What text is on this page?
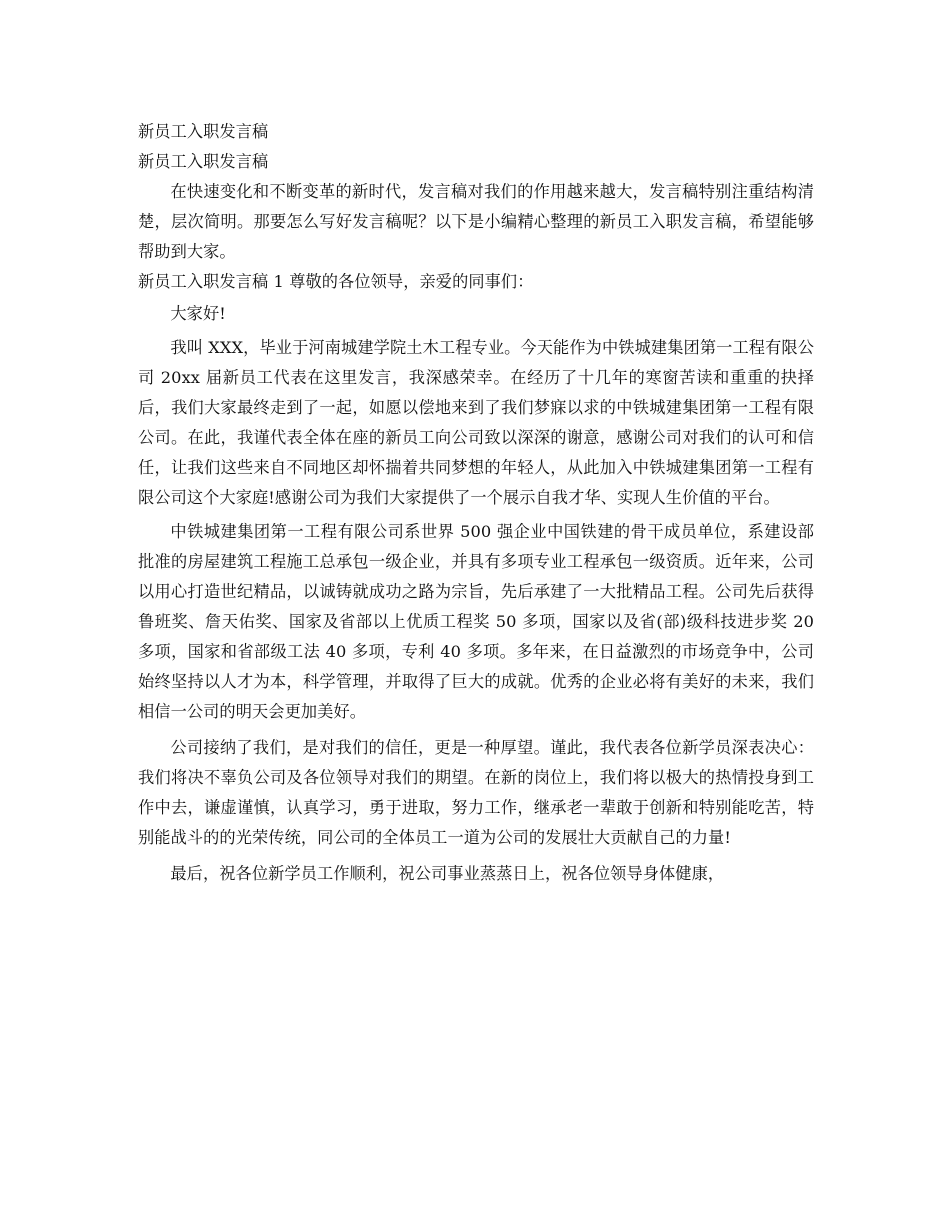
新员工入职发言稿

新员工入职发言稿

在快速变化和不断变革的新时代，发言稿对我们的作用越来越大，发言稿特别注重结构清楚，层次简明。那要怎么写好发言稿呢？以下是小编精心整理的新员工入职发言稿，希望能够帮助到大家。

新员工入职发言稿 1 尊敬的各位领导，亲爱的同事们：

大家好!

我叫 XXX，毕业于河南城建学院土木工程专业。今天能作为中铁城建集团第一工程有限公司 20xx 届新员工代表在这里发言，我深感荣幸。在经历了十几年的寒窗苦读和重重的抉择后，我们大家最终走到了一起，如愿以偿地来到了我们梦寐以求的中铁城建集团第一工程有限公司。在此，我谨代表全体在座的新员工向公司致以深深的谢意，感谢公司对我们的认可和信任，让我们这些来自不同地区却怀揣着共同梦想的年轻人，从此加入中铁城建集团第一工程有限公司这个大家庭!感谢公司为我们大家提供了一个展示自我才华、实现人生价值的平台。

中铁城建集团第一工程有限公司系世界 500 强企业中国铁建的骨干成员单位，系建设部批准的房屋建筑工程施工总承包一级企业，并具有多项专业工程承包一级资质。近年来，公司以用心打造世纪精品，以诚铸就成功之路为宗旨，先后承建了一大批精品工程。公司先后获得鲁班奖、詹天佑奖、国家及省部以上优质工程奖 50 多项，国家以及省(部)级科技进步奖 20 多项，国家和省部级工法 40 多项，专利 40 多项。多年来，在日益激烈的市场竞争中，公司始终坚持以人才为本，科学管理，并取得了巨大的成就。优秀的企业必将有美好的未来，我们相信一公司的明天会更加美好。

公司接纳了我们，是对我们的信任，更是一种厚望。谨此，我代表各位新学员深表决心：我们将决不辜负公司及各位领导对我们的期望。在新的岗位上，我们将以极大的热情投身到工作中去，谦虚谨慎，认真学习，勇于进取，努力工作，继承老一辈敢于创新和特别能吃苦，特别能战斗的的光荣传统，同公司的全体员工一道为公司的发展壮大贡献自己的力量!

最后，祝各位新学员工作顺利，祝公司事业蒸蒸日上，祝各位领导身体健康，
